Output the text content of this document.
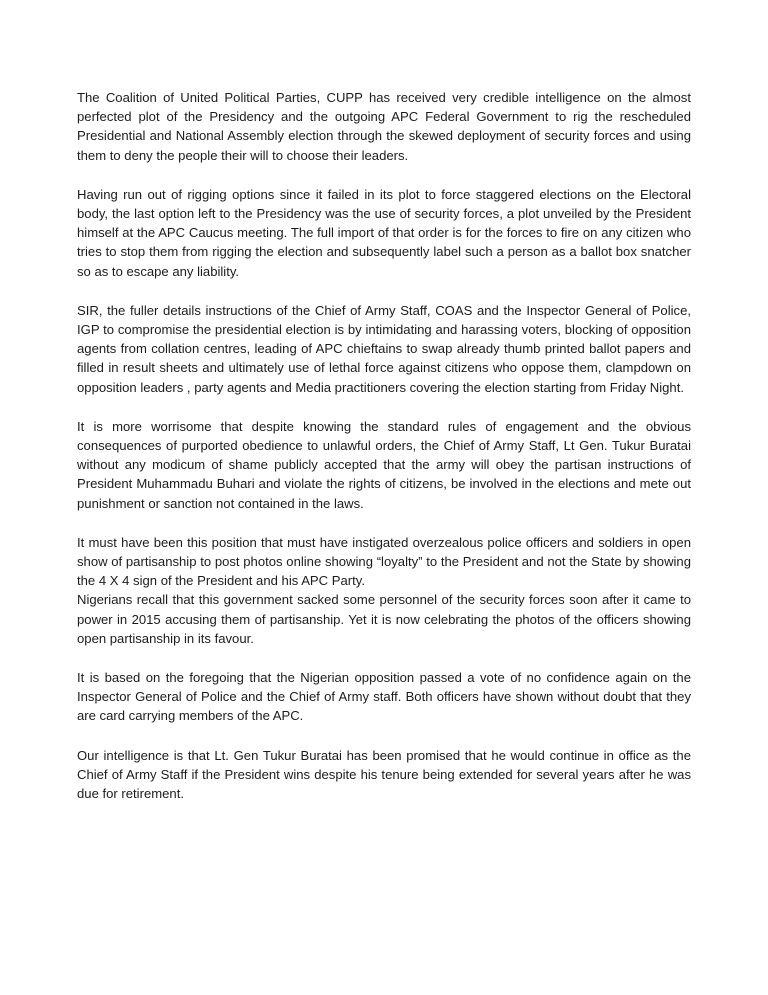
The Coalition of United Political Parties, CUPP has received very credible intelligence on the almost perfected plot of the Presidency and the outgoing APC Federal Government to rig the rescheduled Presidential and National Assembly election through the skewed deployment of security forces and using them to deny the people their will to choose their leaders.

Having run out of rigging options since it failed in its plot to force staggered elections on the Electoral body, the last option left to the Presidency was the use of security forces, a plot unveiled by the President himself at the APC Caucus meeting. The full import of that order is for the forces to fire on any citizen who tries to stop them from rigging the election and subsequently label such a person as a ballot box snatcher so as to escape any liability.

SIR, the fuller details instructions of the Chief of Army Staff, COAS and the Inspector General of Police, IGP to compromise the presidential election is by intimidating and harassing voters, blocking of opposition agents from collation centres, leading of APC chieftains to swap already thumb printed ballot papers and filled in result sheets and ultimately use of lethal force against citizens who oppose them, clampdown on opposition leaders , party agents and Media practitioners covering the election starting from Friday Night.

It is more worrisome that despite knowing the standard rules of engagement and the obvious consequences of purported obedience to unlawful orders, the Chief of Army Staff, Lt Gen. Tukur Buratai without any modicum of shame publicly accepted that the army will obey the partisan instructions of President Muhammadu Buhari and violate the rights of citizens, be involved in the elections and mete out punishment or sanction not contained in the laws.

It must have been this position that must have instigated overzealous police officers and soldiers in open show of partisanship to post photos online showing “loyalty” to the President and not the State by showing the 4 X 4 sign of the President and his APC Party.
Nigerians recall that this government sacked some personnel of the security forces soon after it came to power in 2015 accusing them of partisanship. Yet it is now celebrating the photos of the officers showing open partisanship in its favour.

It is based on the foregoing that the Nigerian opposition passed a vote of no confidence again on the Inspector General of Police and the Chief of Army staff. Both officers have shown without doubt that they are card carrying members of the APC.

Our intelligence is that Lt. Gen Tukur Buratai has been promised that he would continue in office as the Chief of Army Staff if the President wins despite his tenure being extended for several years after he was due for retirement.
